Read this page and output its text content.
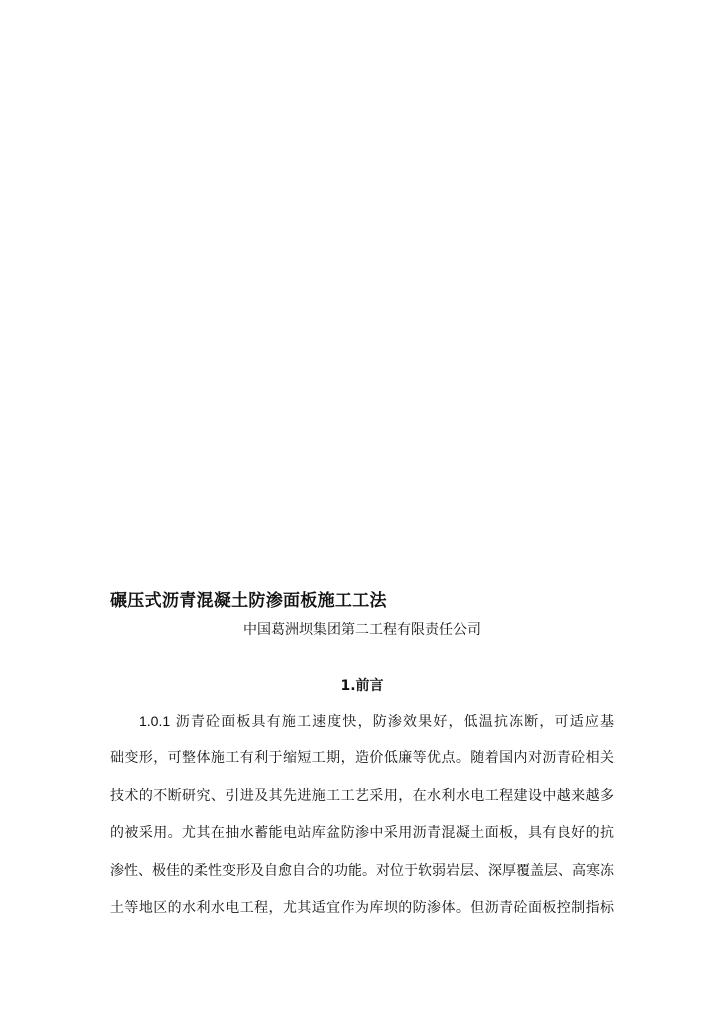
碾压式沥青混凝土防渗面板施工工法
中国葛洲坝集团第二工程有限责任公司
1.前言
1.0.1 沥青砼面板具有施工速度快，防渗效果好，低温抗冻断，可适应基
础变形，可整体施工有利于缩短工期，造价低廉等优点。随着国内对沥青砼相关
技术的不断研究、引进及其先进施工工艺采用，在水利水电工程建设中越来越多
的被采用。尤其在抽水蓄能电站库盆防渗中采用沥青混凝土面板，具有良好的抗
渗性、极佳的柔性变形及自愈自合的功能。对位于软弱岩层、深厚覆盖层、高寒冻
土等地区的水利水电工程，尤其适宜作为库坝的防渗体。但沥青砼面板控制指标
